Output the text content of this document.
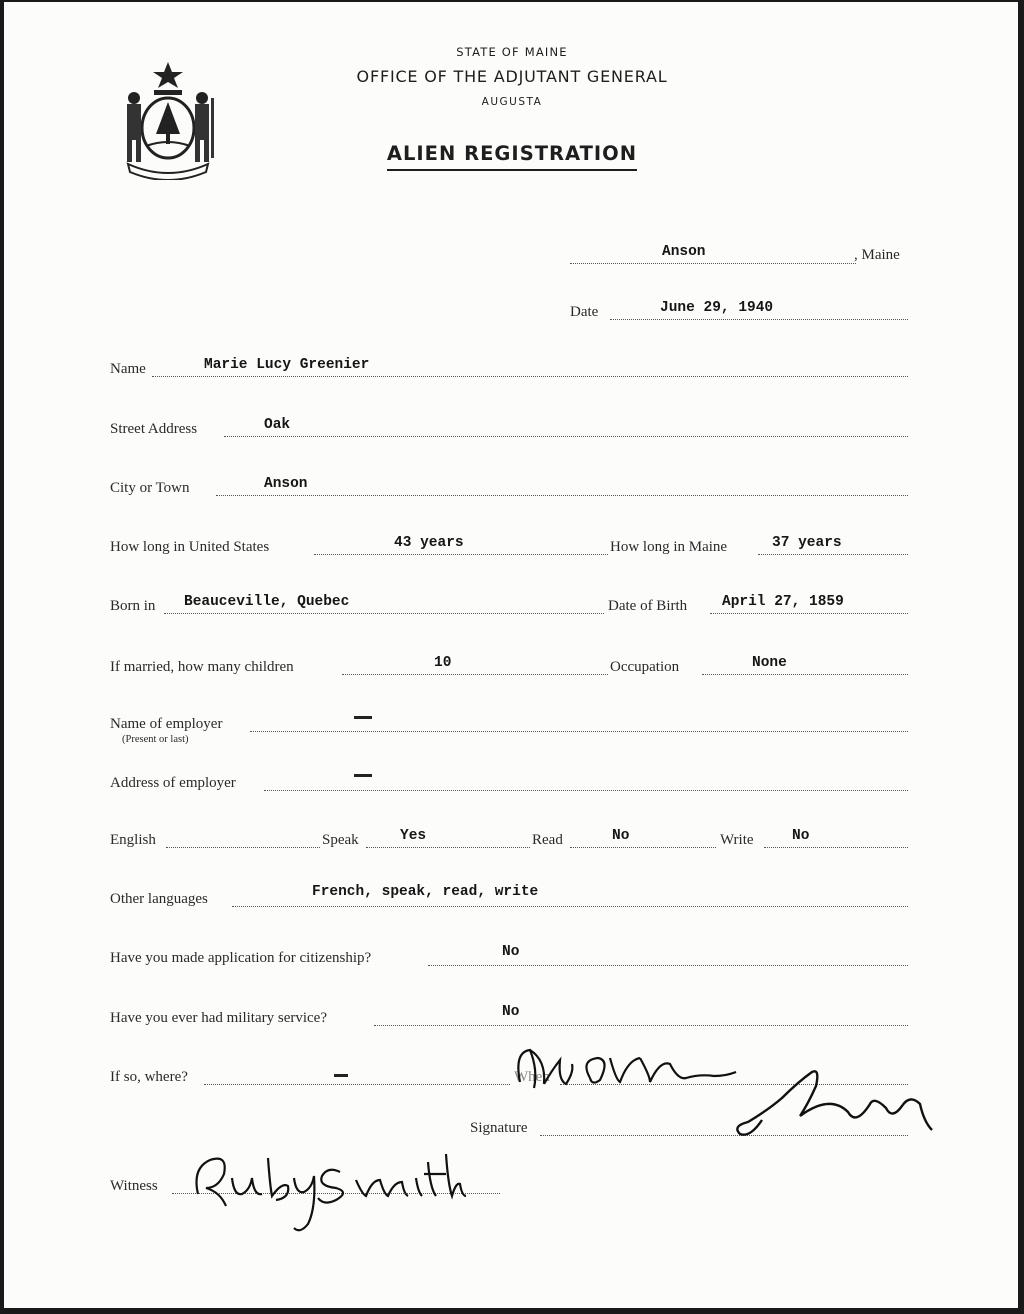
STATE OF MAINE
OFFICE OF THE ADJUTANT GENERAL
AUGUSTA
ALIEN REGISTRATION
Anson	, Maine
Date	June 29, 1940
Name	Marie Lucy Greenier
Street Address	Oak
City or Town	Anson
How long in United States	43 years	How long in Maine	37 years
Born in Beauceville, Quebec	Date of Birth April 27, 1859
If married, how many children	10	Occupation	None
Name of employer
(Present or last)
Address of employer
English	Speak	Yes	Read	No	Write	No
Other languages	French, speak, read, write
Have you made application for citizenship?	No
Have you ever had military service?	No
If so, where?	When
Signature
Witness
